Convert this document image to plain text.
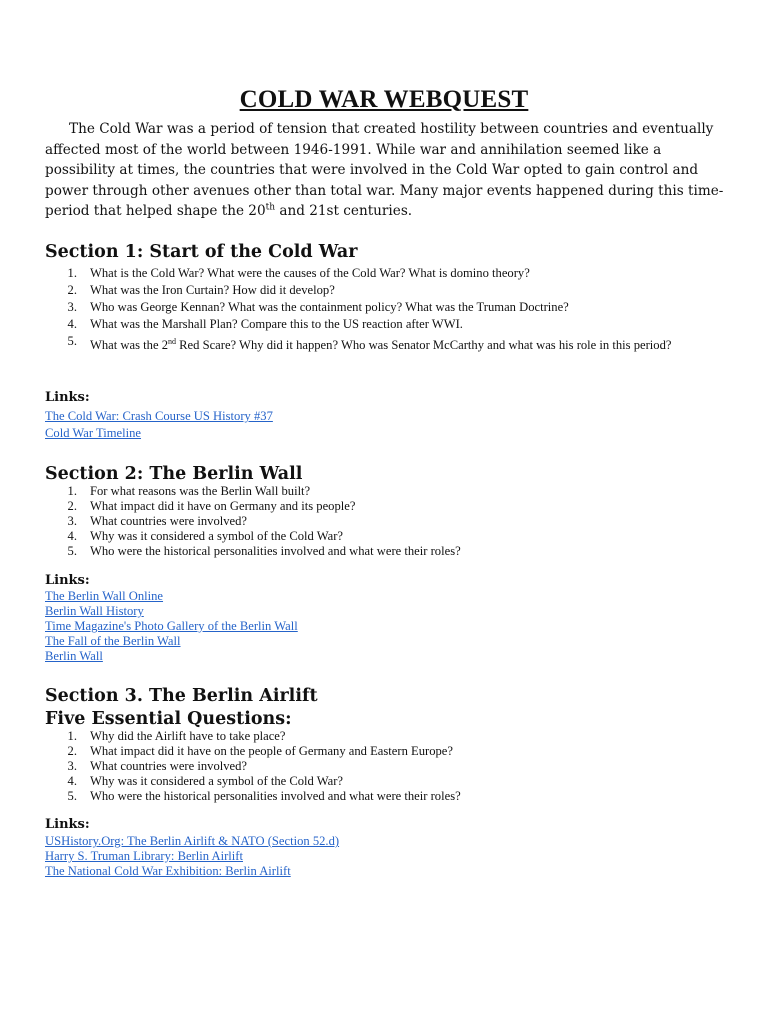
COLD WAR WEBQUEST

The Cold War was a period of tension that created hostility between countries and eventually affected most of the world between 1946-1991. While war and annihilation seemed like a possibility at times, the countries that were involved in the Cold War opted to gain control and power through other avenues other than total war. Many major events happened during this time-period that helped shape the 20th and 21st centuries.

Section 1: Start of the Cold War
1.	What is the Cold War? What were the causes of the Cold War? What is domino theory?
2.	What was the Iron Curtain? How did it develop?
3.	Who was George Kennan? What was the containment policy? What was the Truman Doctrine?
4.	What was the Marshall Plan? Compare this to the US reaction after WWI.
5.	What was the 2nd Red Scare? Why did it happen? Who was Senator McCarthy and what was his role in this period?
Links:
The Cold War: Crash Course US History #37
Cold War Timeline
Section 2: The Berlin Wall
1.	For what reasons was the Berlin Wall built?
2.	What impact did it have on Germany and its people?
3.	What countries were involved?
4.	Why was it considered a symbol of the Cold War?
5.	Who were the historical personalities involved and what were their roles?
Links:
The Berlin Wall Online
Berlin Wall History
Time Magazine's Photo Gallery of the Berlin Wall
The Fall of the Berlin Wall
Berlin Wall
Section 3. The Berlin Airlift
Five Essential Questions:
1.	Why did the Airlift have to take place?
2.	What impact did it have on the people of Germany and Eastern Europe?
3.	What countries were involved?
4.	Why was it considered a symbol of the Cold War?
5.	Who were the historical personalities involved and what were their roles?
Links:
USHistory.Org: The Berlin Airlift & NATO (Section 52.d)
Harry S. Truman Library: Berlin Airlift
The National Cold War Exhibition: Berlin Airlift
